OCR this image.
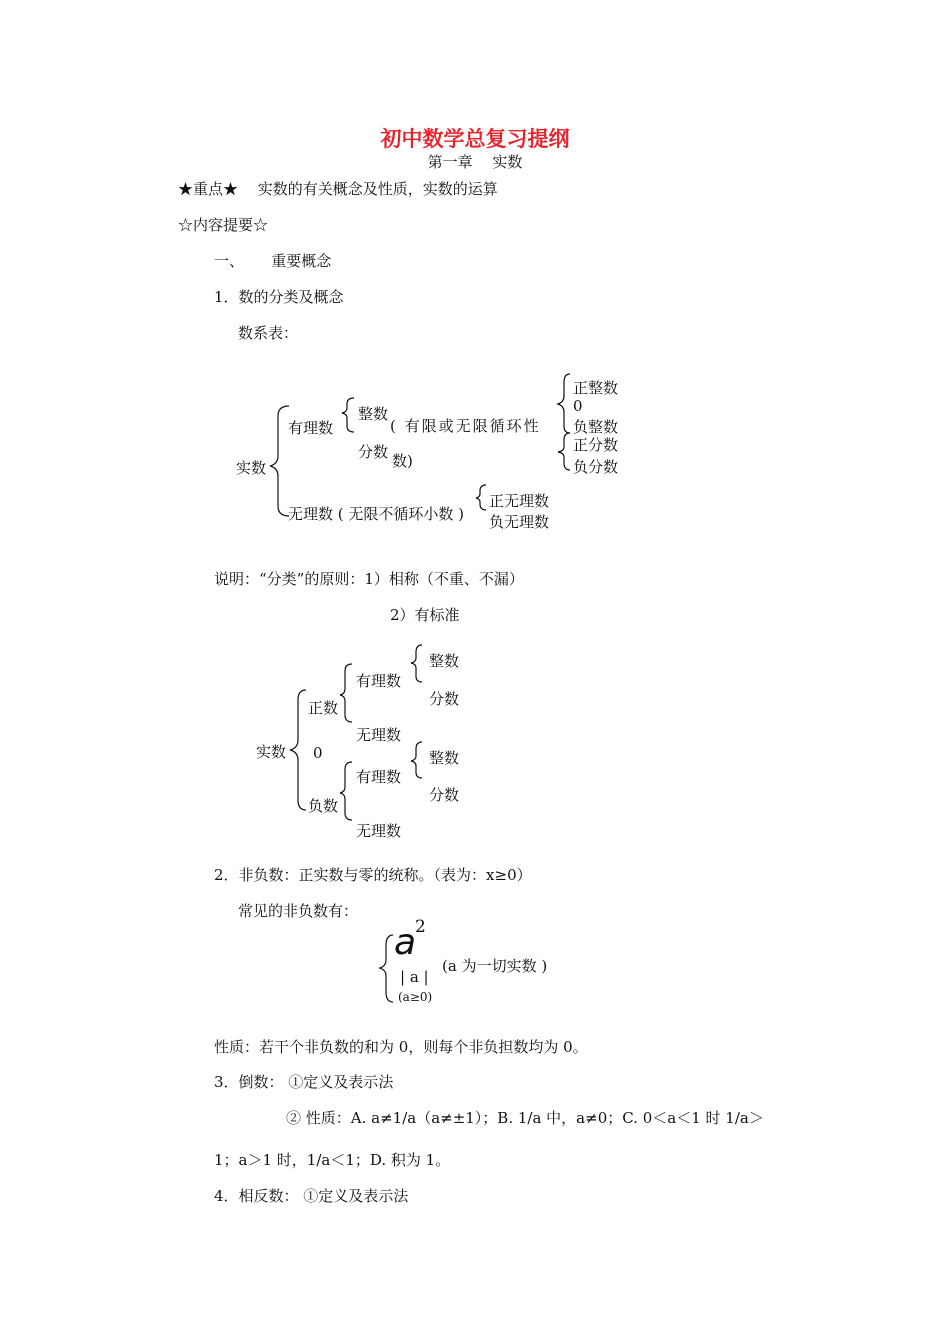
初中数学总复习提纲
第一章　 实数
★重点★　 实数的有关概念及性质，实数的运算
☆内容提要☆
一、　　 重要概念
1．数的分类及概念
数系表：
实数
有理数
整数
分数
( 有限或无限循环性
数)
正整数
0
负整数
正分数
负分数
无理数 ( 无限不循环小数 )
正无理数
负无理数
说明：“分类”的原则：1）相称（不重、不漏）
2）有标准
实数
正数
0
负数
有理数
整数
分数
无理数
有理数
整数
分数
无理数
2．非负数：正实数与零的统称。（表为：x≥0）
常见的非负数有：
a
2
| a |
(a 为一切实数 )
(a≥0)
性质：若干个非负数的和为 0，则每个非负担数均为 0。
3．倒数： ①定义及表示法
② 性质：A. a≠1/a（a≠±1）；B. 1/a 中，a≠0；C. 0＜a＜1 时 1/a＞
1；a＞1 时，1/a＜1；D. 积为 1。
4．相反数： ①定义及表示法
